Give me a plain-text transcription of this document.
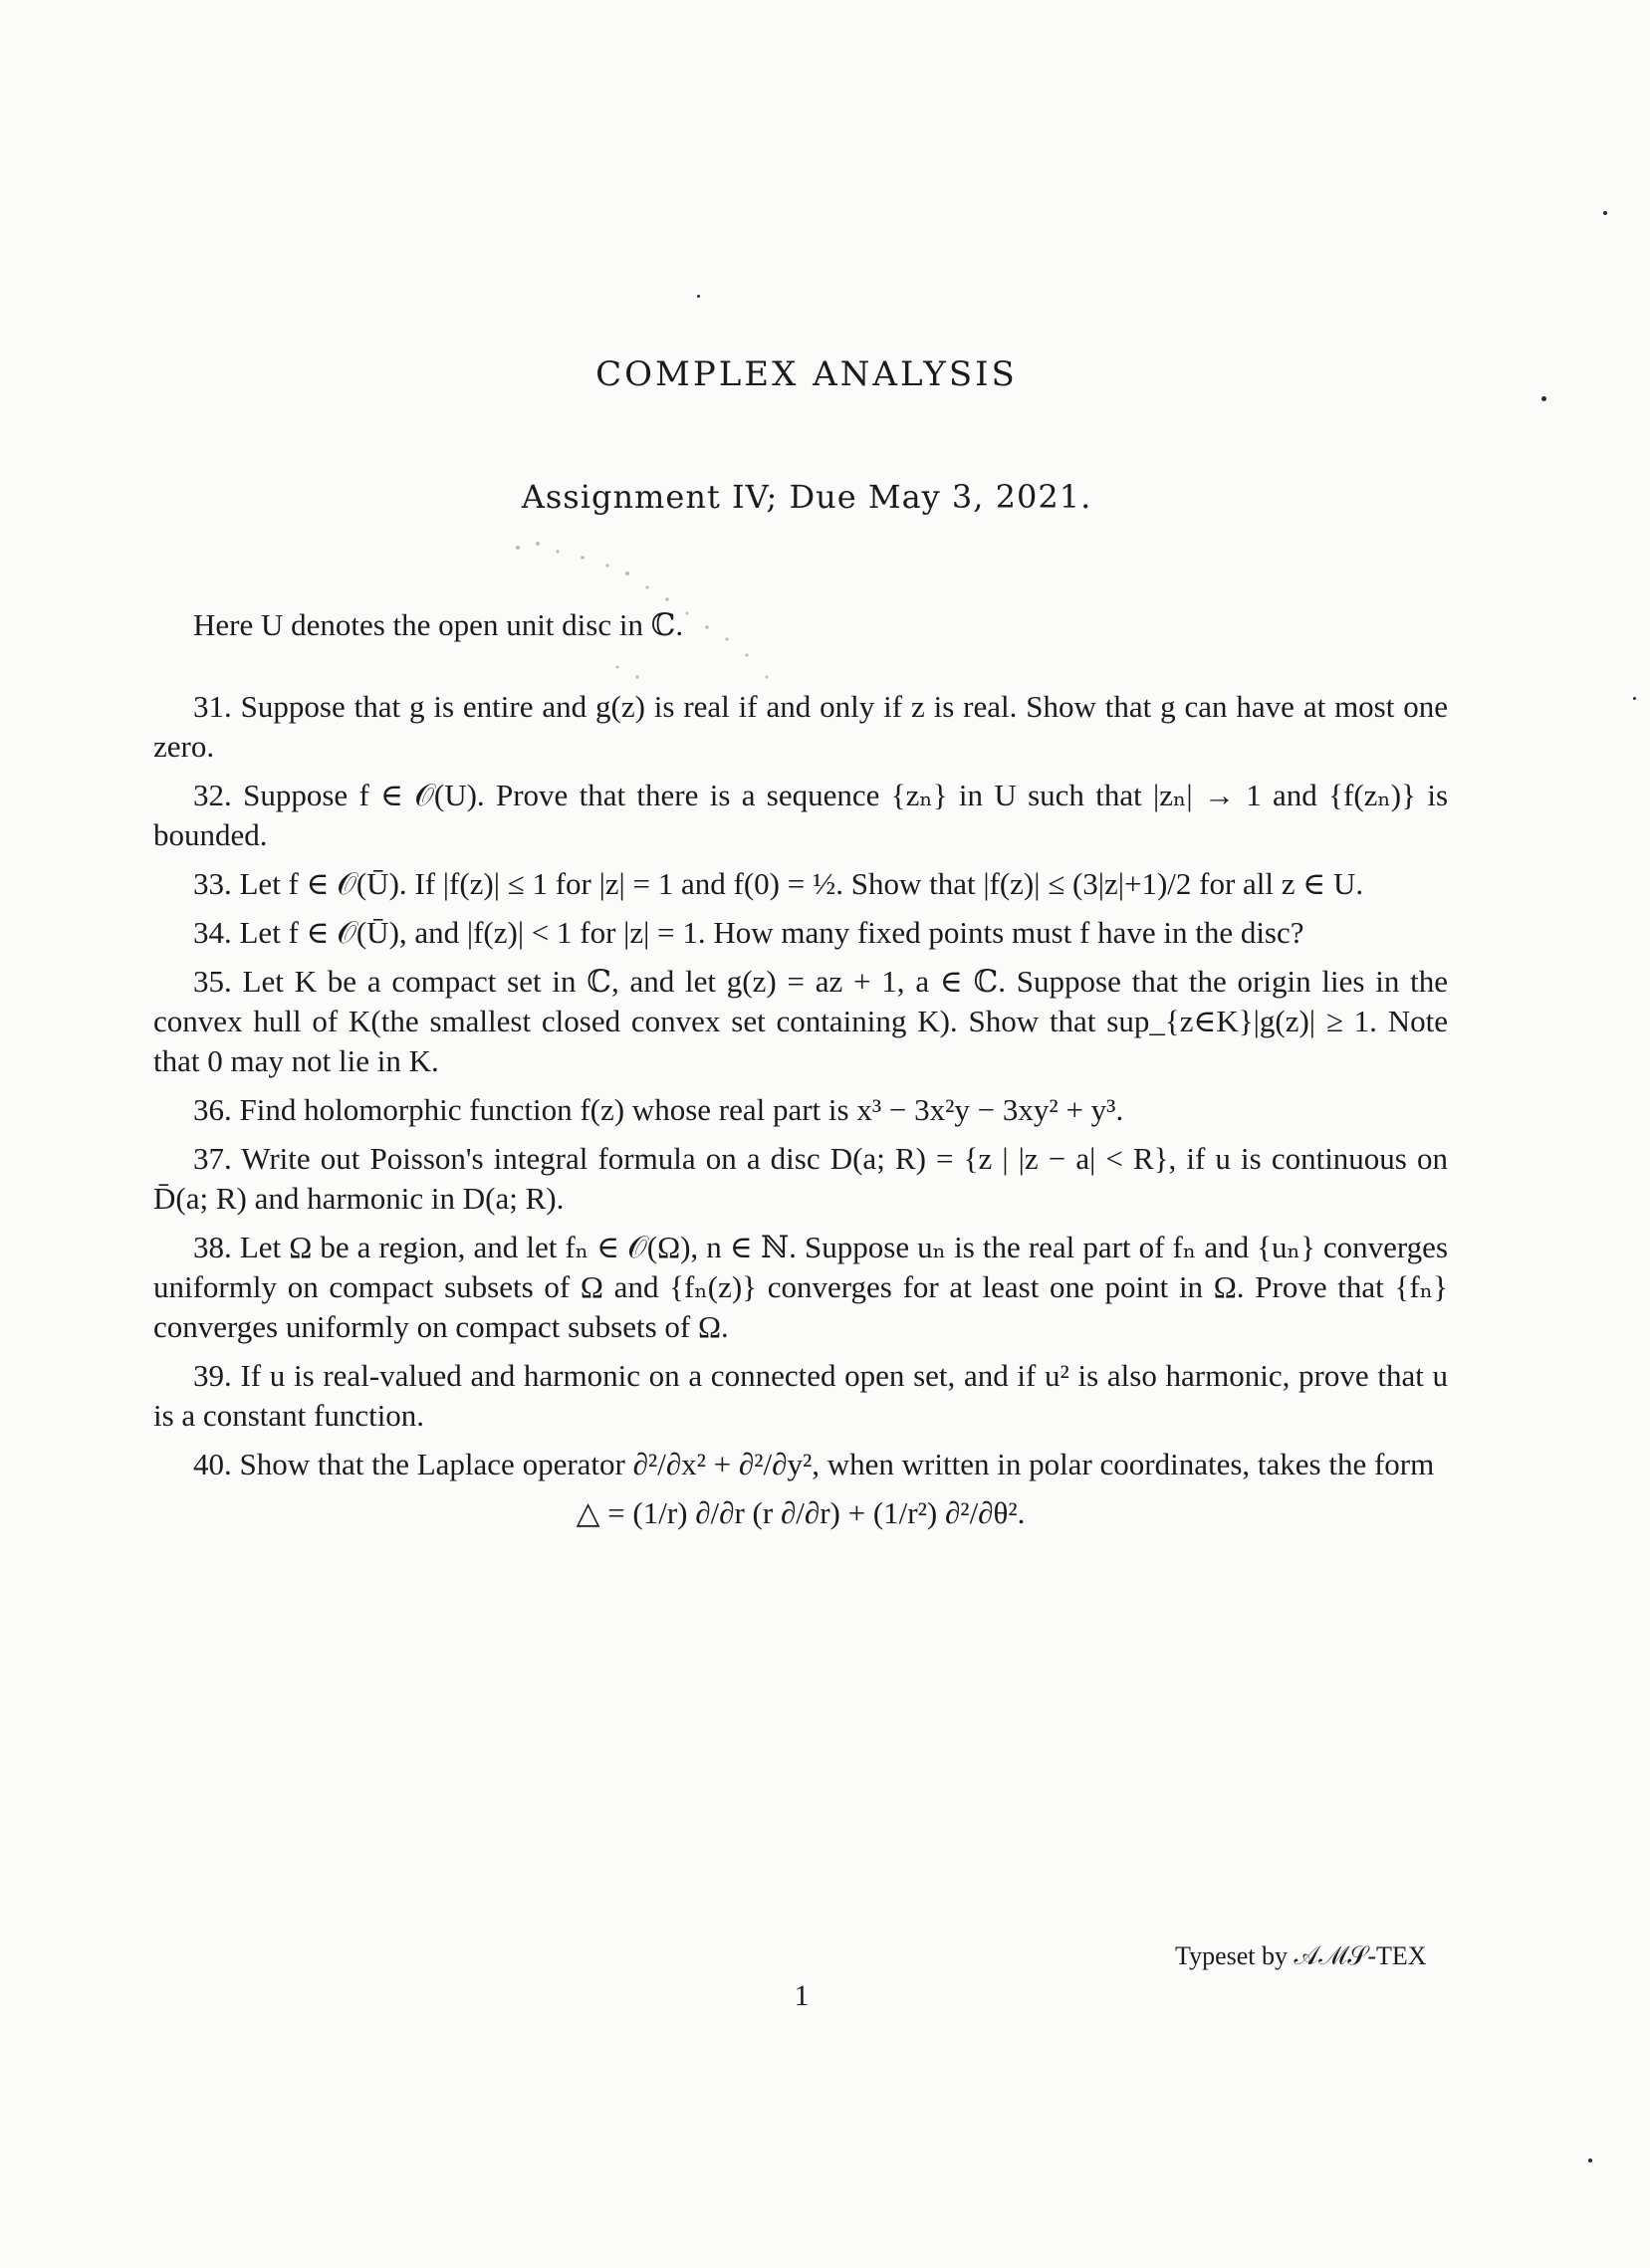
COMPLEX ANALYSIS
Assignment IV; Due May 3, 2021.
Here U denotes the open unit disc in ℂ.

31. Suppose that g is entire and g(z) is real if and only if z is real. Show that g can have at most one zero.

32. Suppose f ∈ 𝒪(U). Prove that there is a sequence {zₙ} in U such that |zₙ| → 1 and {f(zₙ)} is bounded.

33. Let f ∈ 𝒪(Ū). If |f(z)| ≤ 1 for |z| = 1 and f(0) = ½. Show that |f(z)| ≤ (3|z|+1)/2 for all z ∈ U.

34. Let f ∈ 𝒪(Ū), and |f(z)| < 1 for |z| = 1. How many fixed points must f have in the disc?

35. Let K be a compact set in ℂ, and let g(z) = az + 1, a ∈ ℂ. Suppose that the origin lies in the convex hull of K(the smallest closed convex set containing K). Show that sup_{z∈K}|g(z)| ≥ 1. Note that 0 may not lie in K.

36. Find holomorphic function f(z) whose real part is x³ − 3x²y − 3xy² + y³.

37. Write out Poisson's integral formula on a disc D(a; R) = {z | |z − a| < R}, if u is continuous on D̄(a; R) and harmonic in D(a; R).

38. Let Ω be a region, and let fₙ ∈ 𝒪(Ω), n ∈ ℕ. Suppose uₙ is the real part of fₙ and {uₙ} converges uniformly on compact subsets of Ω and {fₙ(z)} converges for at least one point in Ω. Prove that {fₙ} converges uniformly on compact subsets of Ω.

39. If u is real-valued and harmonic on a connected open set, and if u² is also harmonic, prove that u is a constant function.

40. Show that the Laplace operator ∂²/∂x² + ∂²/∂y², when written in polar coordinates, takes the form

△ = (1/r) ∂/∂r (r ∂/∂r) + (1/r²) ∂²/∂θ².
Typeset by 𝒜ℳ𝒮-TEX
1
